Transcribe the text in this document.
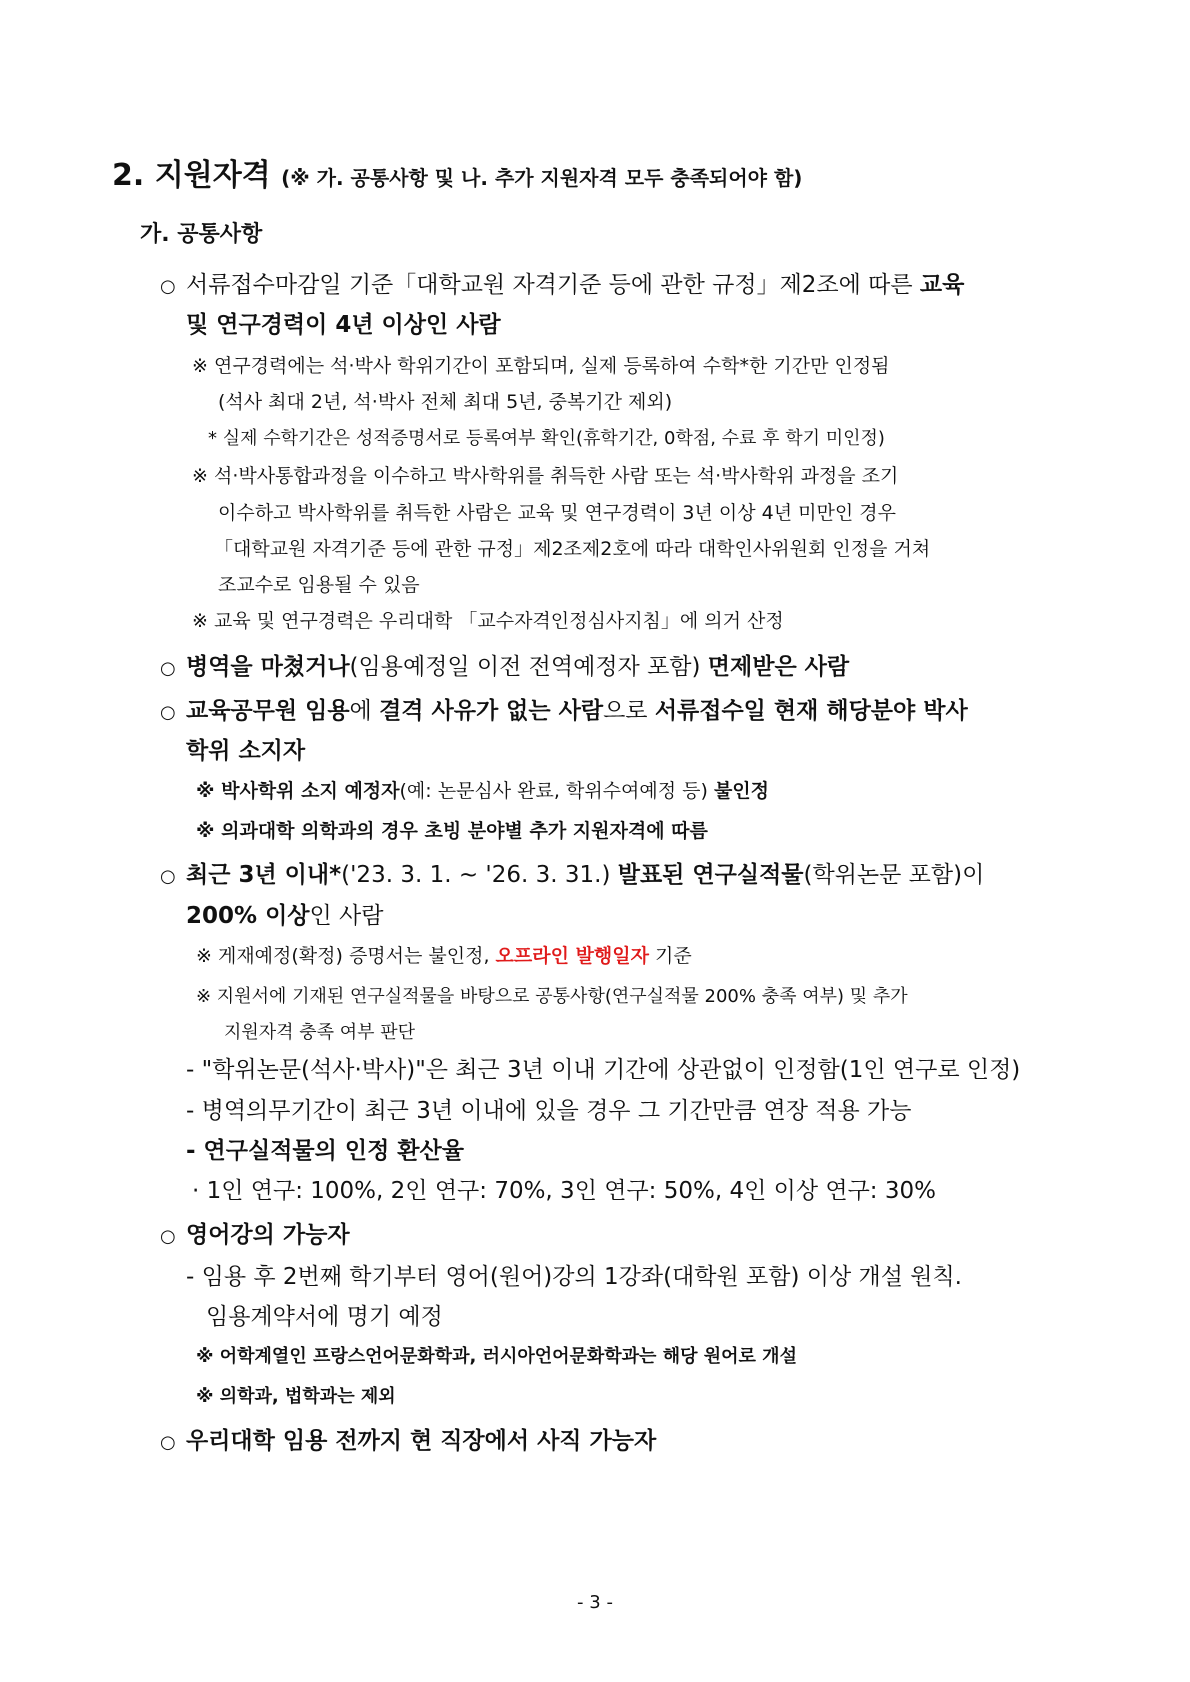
2. 지원자격 (※ 가. 공통사항 및 나. 추가 지원자격 모두 충족되어야 함)
가. 공통사항
○ 서류접수마감일 기준「대학교원 자격기준 등에 관한 규정」제2조에 따른 교육
및 연구경력이 4년 이상인 사람
※ 연구경력에는 석·박사 학위기간이 포함되며, 실제 등록하여 수학*한 기간만 인정됨
(석사 최대 2년, 석·박사 전체 최대 5년, 중복기간 제외)
* 실제 수학기간은 성적증명서로 등록여부 확인(휴학기간, 0학점, 수료 후 학기 미인정)
※ 석·박사통합과정을 이수하고 박사학위를 취득한 사람 또는 석·박사학위 과정을 조기
이수하고 박사학위를 취득한 사람은 교육 및 연구경력이 3년 이상 4년 미만인 경우
「대학교원 자격기준 등에 관한 규정」제2조제2호에 따라 대학인사위원회 인정을 거쳐
조교수로 임용될 수 있음
※ 교육 및 연구경력은 우리대학 「교수자격인정심사지침」에 의거 산정
○ 병역을 마쳤거나(임용예정일 이전 전역예정자 포함) 면제받은 사람
○ 교육공무원 임용에 결격 사유가 없는 사람으로 서류접수일 현재 해당분야 박사
학위 소지자
※ 박사학위 소지 예정자(예: 논문심사 완료, 학위수여예정 등) 불인정
※ 의과대학 의학과의 경우 초빙 분야별 추가 지원자격에 따름
○ 최근 3년 이내*('23. 3. 1. ~ '26. 3. 31.) 발표된 연구실적물(학위논문 포함)이
200% 이상인 사람
※ 게재예정(확정) 증명서는 불인정, 오프라인 발행일자 기준
※ 지원서에 기재된 연구실적물을 바탕으로 공통사항(연구실적물 200% 충족 여부) 및 추가
지원자격 충족 여부 판단
- "학위논문(석사·박사)"은 최근 3년 이내 기간에 상관없이 인정함(1인 연구로 인정)
- 병역의무기간이 최근 3년 이내에 있을 경우 그 기간만큼 연장 적용 가능
- 연구실적물의 인정 환산율
· 1인 연구: 100%, 2인 연구: 70%, 3인 연구: 50%, 4인 이상 연구: 30%
○ 영어강의 가능자
- 임용 후 2번째 학기부터 영어(원어)강의 1강좌(대학원 포함) 이상 개설 원칙.
임용계약서에 명기 예정
※ 어학계열인 프랑스언어문화학과, 러시아언어문화학과는 해당 원어로 개설
※ 의학과, 법학과는 제외
○ 우리대학 임용 전까지 현 직장에서 사직 가능자
- 3 -
